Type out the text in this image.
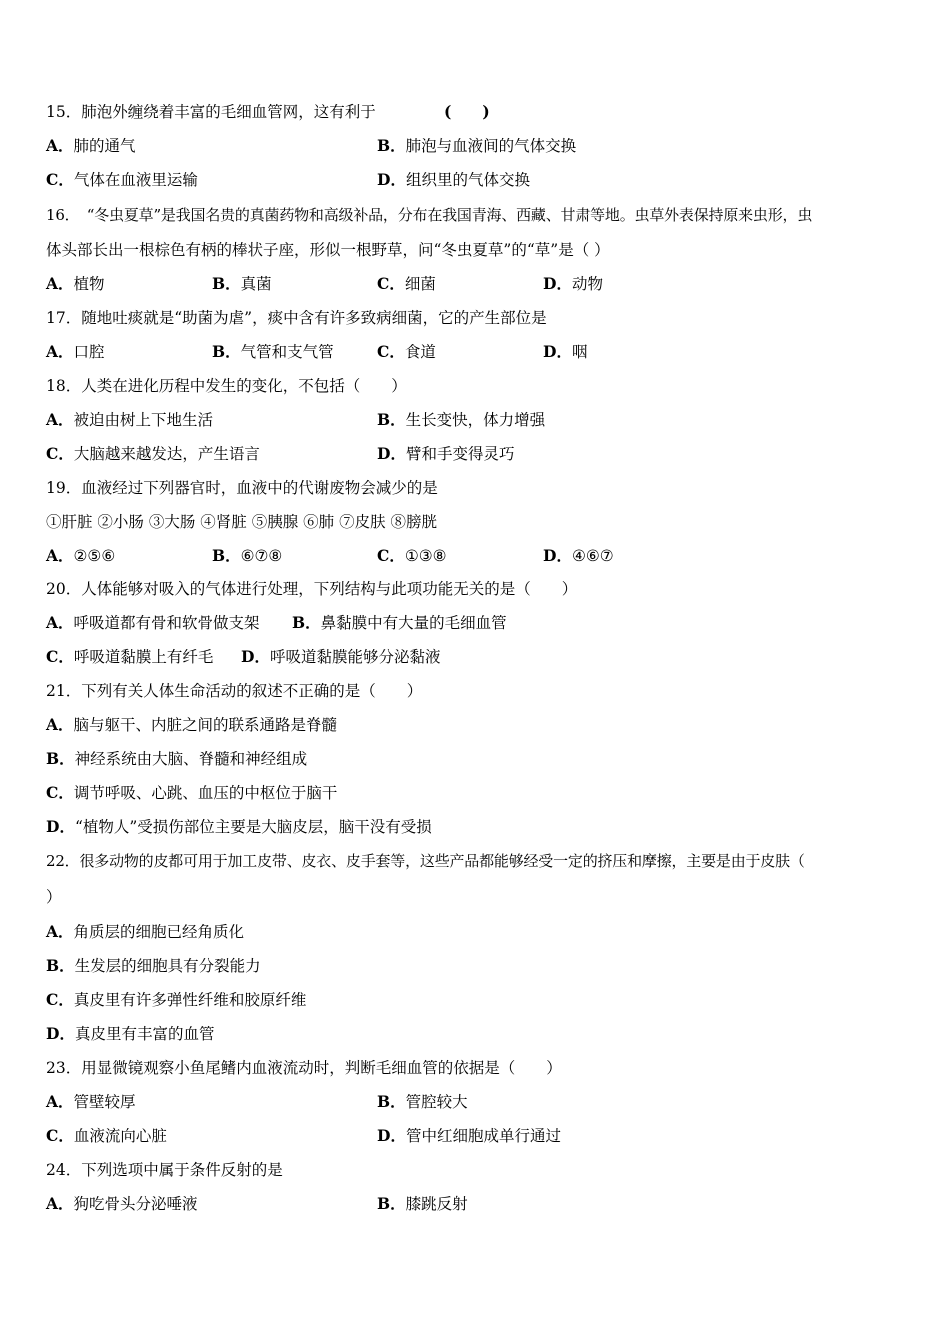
15．肺泡外缠绕着丰富的毛细血管网，这有利于	(　　)
A．肺的通气	B．肺泡与血液间的气体交换
C．气体在血液里运输	D．组织里的气体交换
16．　“冬虫夏草”是我国名贵的真菌药物和高级补品，分布在我国青海、西藏、甘肃等地。虫草外表保持原来虫形，虫
体头部长出一根棕色有柄的棒状子座，形似一根野草，问“冬虫夏草”的“草”是（ ）
A．植物	B．真菌	C．细菌	D．动物
17．随地吐痰就是“助菌为虐”，痰中含有许多致病细菌，它的产生部位是
A．口腔	B．气管和支气管	C．食道	D．咽
18．人类在进化历程中发生的变化，不包括（　　）
A．被迫由树上下地生活	B．生长变快，体力增强
C．大脑越来越发达，产生语言	D．臂和手变得灵巧
19．血液经过下列器官时，血液中的代谢废物会减少的是
①肝脏 ②小肠 ③大肠 ④肾脏 ⑤胰腺 ⑥肺 ⑦皮肤 ⑧膀胱
A．②⑤⑥	B．⑥⑦⑧	C．①③⑧	D．④⑥⑦
20．人体能够对吸入的气体进行处理，下列结构与此项功能无关的是（　　）
A．呼吸道都有骨和软骨做支架 B．鼻黏膜中有大量的毛细血管
C．呼吸道黏膜上有纤毛 D．呼吸道黏膜能够分泌黏液
21．下列有关人体生命活动的叙述不正确的是（　　）
A．脑与躯干、内脏之间的联系通路是脊髓
B．神经系统由大脑、脊髓和神经组成
C．调节呼吸、心跳、血压的中枢位于脑干
D．“植物人”受损伤部位主要是大脑皮层，脑干没有受损
22．很多动物的皮都可用于加工皮带、皮衣、皮手套等，这些产品都能够经受一定的挤压和摩擦，主要是由于皮肤（
）
A．角质层的细胞已经角质化
B．生发层的细胞具有分裂能力
C．真皮里有许多弹性纤维和胶原纤维
D．真皮里有丰富的血管
23．用显微镜观察小鱼尾鳍内血液流动时，判断毛细血管的依据是（　　）
A．管壁较厚	B．管腔较大
C．血液流向心脏	D．管中红细胞成单行通过
24．下列选项中属于条件反射的是
A．狗吃骨头分泌唾液	B．膝跳反射
